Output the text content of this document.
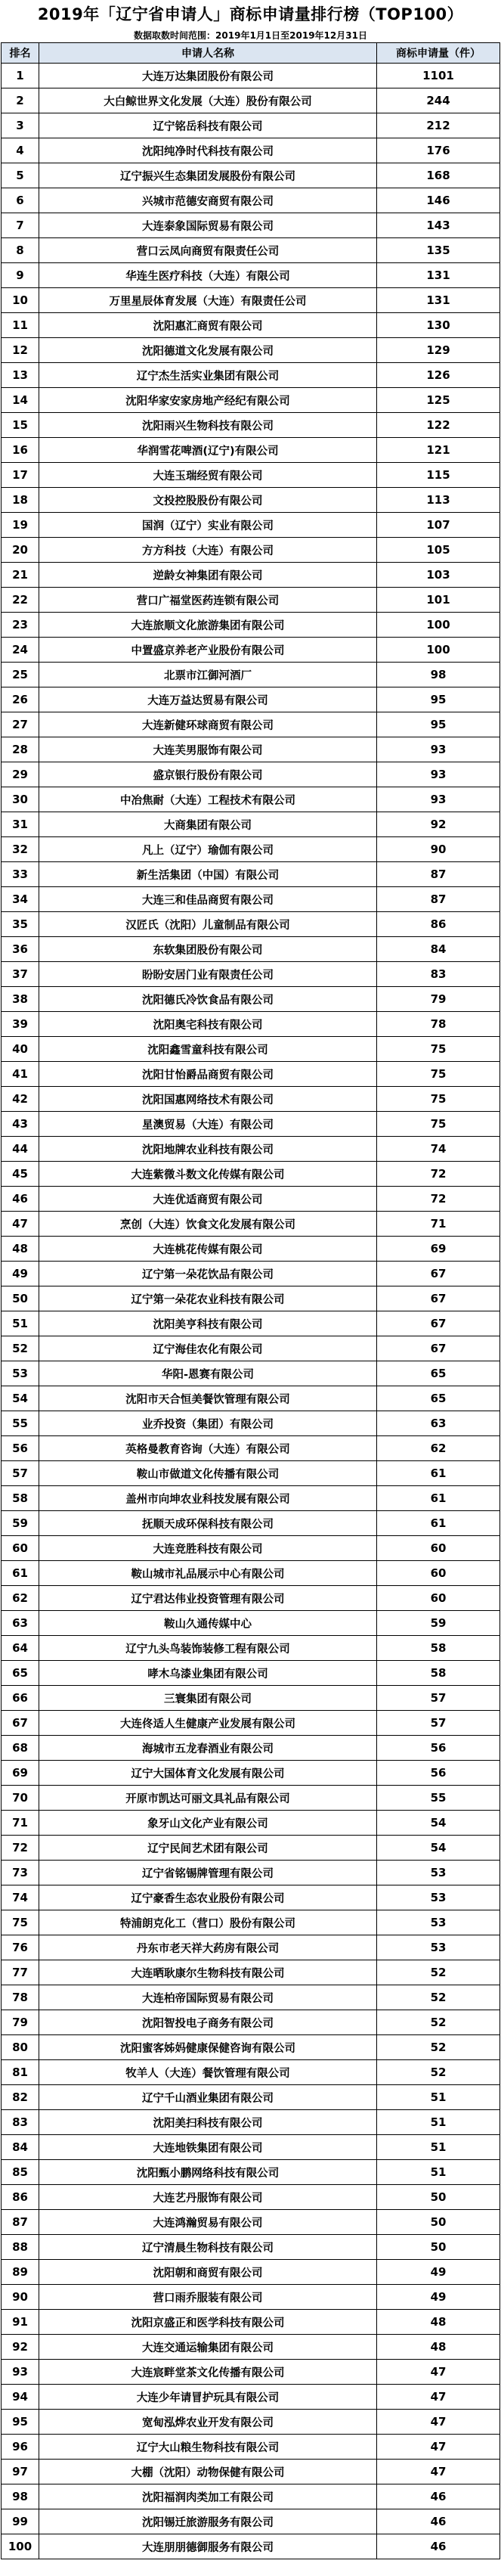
2019年「辽宁省申请人」商标申请量排行榜（TOP100）
数据取数时间范围：2019年1月1日至2019年12月31日
排名	申请人名称	商标申请量（件）
1	大连万达集团股份有限公司	1101
2	大白鲸世界文化发展（大连）股份有限公司	244
3	辽宁铭岳科技有限公司	212
4	沈阳纯净时代科技有限公司	176
5	辽宁振兴生态集团发展股份有限公司	168
6	兴城市范德安商贸有限公司	146
7	大连泰象国际贸易有限公司	143
8	营口云凤向商贸有限责任公司	135
9	华连生医疗科技（大连）有限公司	131
10	万里星辰体育发展（大连）有限责任公司	131
11	沈阳惠汇商贸有限公司	130
12	沈阳德道文化发展有限公司	129
13	辽宁杰生活实业集团有限公司	126
14	沈阳华家安家房地产经纪有限公司	125
15	沈阳雨兴生物科技有限公司	122
16	华润雪花啤酒(辽宁)有限公司	121
17	大连玉瑞经贸有限公司	115
18	文投控股股份有限公司	113
19	国润（辽宁）实业有限公司	107
20	方方科技（大连）有限公司	105
21	逆龄女神集团有限公司	103
22	营口广福堂医药连锁有限公司	101
23	大连旅顺文化旅游集团有限公司	100
24	中置盛京养老产业股份有限公司	100
25	北票市江御河酒厂	98
26	大连万益达贸易有限公司	95
27	大连新健环球商贸有限公司	95
28	大连芙男服饰有限公司	93
29	盛京银行股份有限公司	93
30	中冶焦耐（大连）工程技术有限公司	93
31	大商集团有限公司	92
32	凡上（辽宁）瑜伽有限公司	90
33	新生活集团（中国）有限公司	87
34	大连三和佳品商贸有限公司	87
35	汉匠氏（沈阳）儿童制品有限公司	86
36	东软集团股份有限公司	84
37	盼盼安居门业有限责任公司	83
38	沈阳德氏冷饮食品有限公司	79
39	沈阳奥宅科技有限公司	78
40	沈阳鑫雪童科技有限公司	75
41	沈阳甘怡爵品商贸有限公司	75
42	沈阳国惠网络技术有限公司	75
43	星澳贸易（大连）有限公司	75
44	沈阳地牌农业科技有限公司	74
45	大连紫微斗数文化传媒有限公司	72
46	大连优适商贸有限公司	72
47	烹创（大连）饮食文化发展有限公司	71
48	大连桃花传媒有限公司	69
49	辽宁第一朵花饮品有限公司	67
50	辽宁第一朵花农业科技有限公司	67
51	沈阳美亨科技有限公司	67
52	辽宁海佳农化有限公司	67
53	华阳-恩赛有限公司	65
54	沈阳市天合恒美餐饮管理有限公司	65
55	业乔投资（集团）有限公司	63
56	英格曼教育咨询（大连）有限公司	62
57	鞍山市做道文化传播有限公司	61
58	盖州市向坤农业科技发展有限公司	61
59	抚顺天成环保科技有限公司	61
60	大连竞胜科技有限公司	60
61	鞍山城市礼品展示中心有限公司	60
62	辽宁君达伟业投资管理有限公司	60
63	鞍山久通传媒中心	59
64	辽宁九头鸟装饰装修工程有限公司	58
65	哮木乌漆业集团有限公司	58
66	三寰集团有限公司	57
67	大连佟适人生健康产业发展有限公司	57
68	海城市五龙春酒业有限公司	56
69	辽宁大国体育文化发展有限公司	56
70	开原市凯达可丽文具礼品有限公司	55
71	象牙山文化产业有限公司	54
72	辽宁民间艺术团有限公司	54
73	辽宁省铭锡牌管理有限公司	53
74	辽宁豪香生态农业股份有限公司	53
75	特浦朗克化工（营口）股份有限公司	53
76	丹东市老天祥大药房有限公司	53
77	大连晒耿康尔生物科技有限公司	52
78	大连柏帝国际贸易有限公司	52
79	沈阳智投电子商务有限公司	52
80	沈阳蜜客姊妈健康保健咨询有限公司	52
81	牧羊人（大连）餐饮管理有限公司	52
82	辽宁千山酒业集团有限公司	51
83	沈阳美扫科技有限公司	51
84	大连地铁集团有限公司	51
85	沈阳甄小鹏网络科技有限公司	51
86	大连艺丹服饰有限公司	50
87	大连鸿瀚贸易有限公司	50
88	辽宁清晨生物科技有限公司	50
89	沈阳朝和商贸有限公司	49
90	营口雨乔服装有限公司	49
91	沈阳京盛正和医学科技有限公司	48
92	大连交通运输集团有限公司	48
93	大连宸畔堂茶文化传播有限公司	47
94	大连少年请冒护玩具有限公司	47
95	宽甸泓烨农业开发有限公司	47
96	辽宁大山粮生物科技有限公司	47
97	大棚（沈阳）动物保健有限公司	47
98	沈阳福润肉类加工有限公司	46
99	沈阳锡迁旅游服务有限公司	46
100	大连朋朋德御服务有限公司	46
